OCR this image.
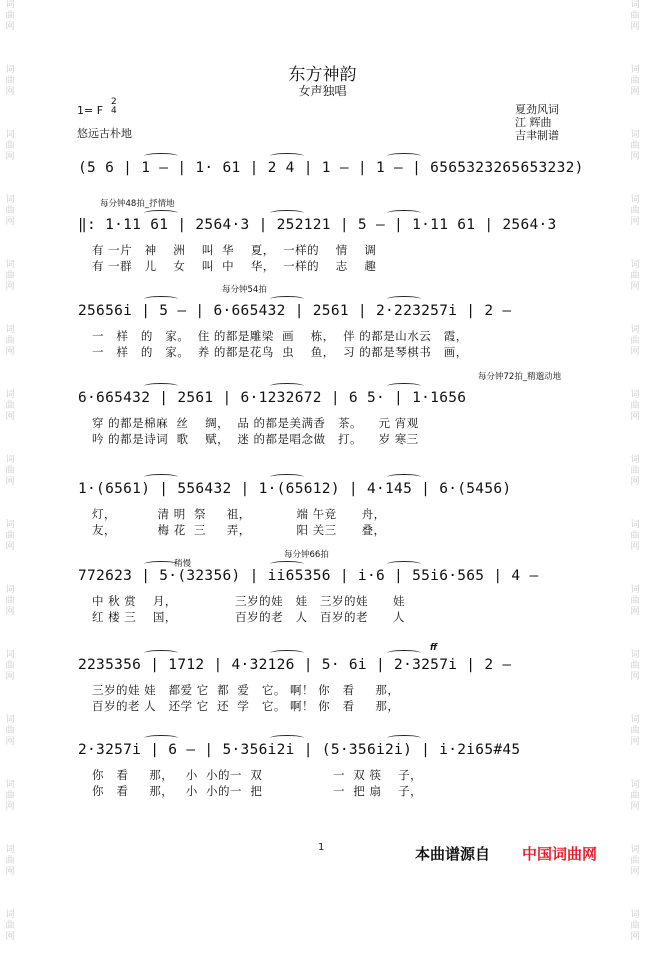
词
曲
网
词
曲
网
词
曲
网
词
曲
网
词
曲
网
词
曲
网
词
曲
网
词
曲
网
词
曲
网
词
曲
网
词
曲
网
词
曲
网
词
曲
网
词
曲
网
词
曲
网
词
曲
网
词
曲
网
词
曲
网
词
曲
网
词
曲
网
词
曲
网
词
曲
网
词
曲
网
词
曲
网
词
曲
网
词
曲
网
词
曲
网
词
曲
网
词
曲
网
词
曲
网
东方神韵
女声独唱
1= F
2
4
悠远古朴地
夏劲风词
江 辉曲
吉聿制谱
(5 6 | 1 — | 1· 61 | 2 4 | 1 — | 1 — | 6565323265653232)
每分钟48拍_抒情地
‖: 1·11 61 | 2564·3 | 252121 | 5 — | 1·11 61 | 2564·3
有 一片   神    洲    叫  华    夏，  一样的    情    调
有 一群   儿    女    叫  中    华，  一样的    志    趣
每分钟54拍
25656i | 5 — | 6·665432 | 2561 | 2·223257i | 2 —
一   样   的   家。  住 的都是雕梁  画    栋，  伴 的都是山水云   霞，
一   样   的   家。  养 的都是花鸟  虫    鱼，  习 的都是琴棋书   画，
每分钟72拍_精邈动地
6·665432 | 2561 | 6·1232672 | 6 5· | 1·1656
穿 的都是棉麻  丝    绸，  品 的都是美满香   茶。    元 宵观
吟 的都是诗词  歌    赋，  迷 的都是唱念做   打。    岁 寒三
1·(6561) | 556432 | 1·(65612) | 4·145 | 6·(5456)
灯，          清 明  祭     祖，           端 午竞      舟，
友，          梅 花  三     弄，           阳 关三      叠，
每分钟66拍
772623 | 5·(32356) | ii65356 | i·6 | 55i6·565 | 4 —
中 秋 赏    月，              三岁的娃   娃   三岁的娃      娃
红 楼 三    国，              百岁的老   人   百岁的老      人
2235356 | 1712 | 4·32126 | 5· 6i | 2·3257i | 2 —
三岁的娃 娃   都爱 它  都  爱   它。 啊！ 你   看     那，
百岁的老 人   还学 它  还  学   它。 啊！ 你   看     那，
2·3257i | 6 — | 5·356i2i | (5·356i2i) | i·2i65#45
你   看     那，   小  小的一  双                 一  双 筷    子，
你   看     那，   小  小的一  把                 一  把 扇    子，
稍慢
ff
1	本曲谱源自 中国词曲网
